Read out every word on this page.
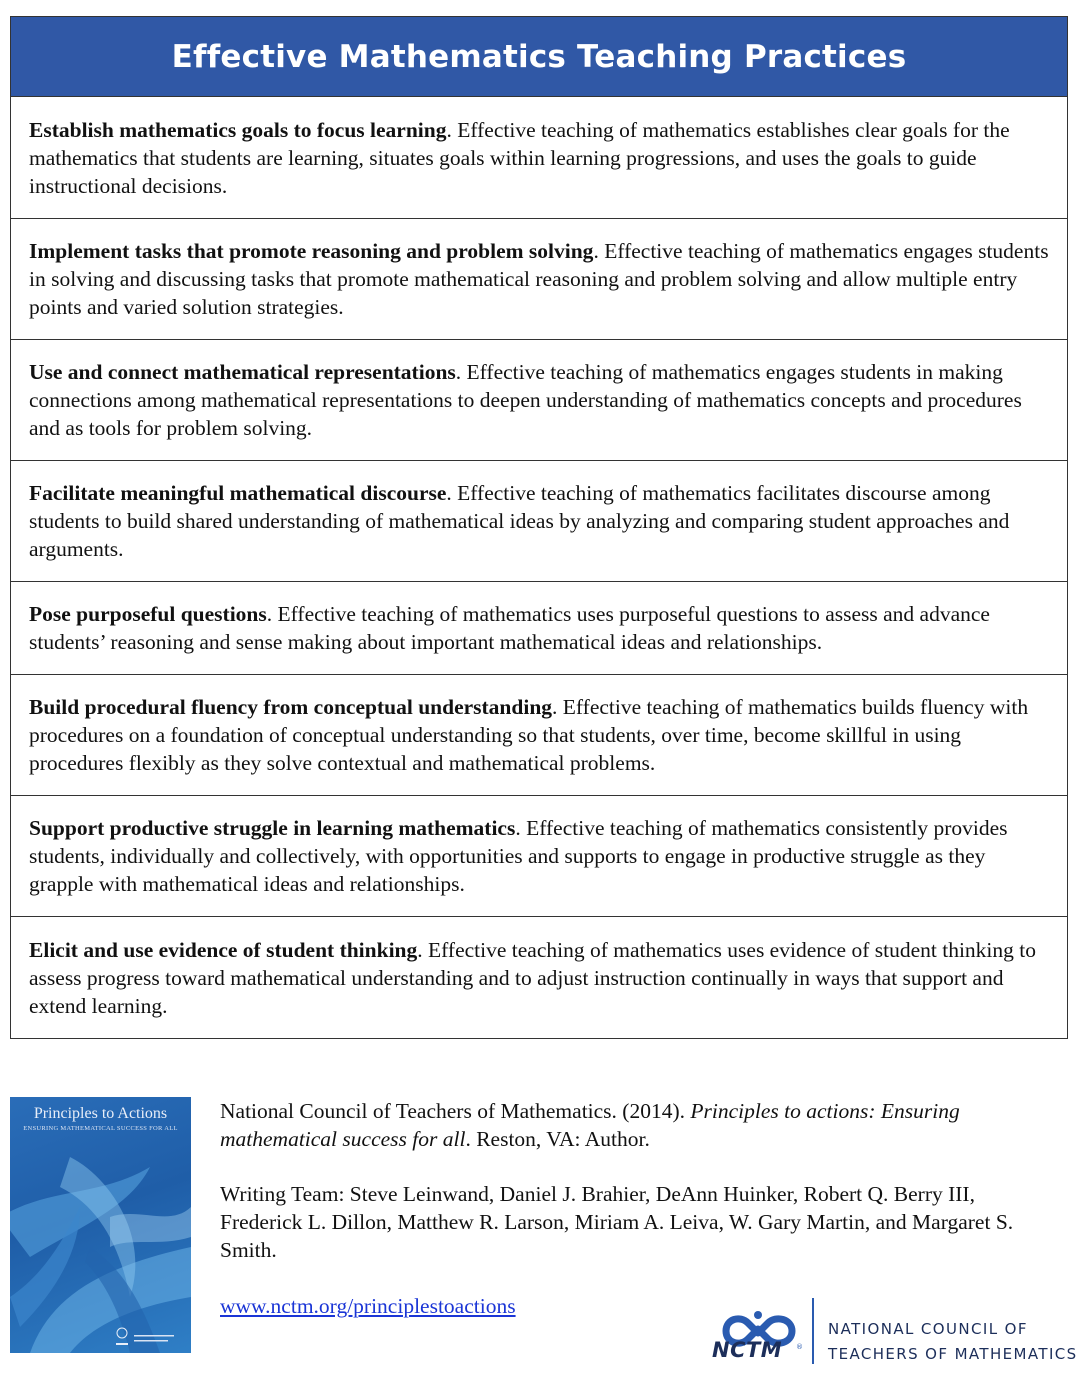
Effective Mathematics Teaching Practices

Establish mathematics goals to focus learning. Effective teaching of mathematics establishes clear goals for the mathematics that students are learning, situates goals within learning progressions, and uses the goals to guide instructional decisions.

Implement tasks that promote reasoning and problem solving. Effective teaching of mathematics engages students in solving and discussing tasks that promote mathematical reasoning and problem solving and allow multiple entry points and varied solution strategies.

Use and connect mathematical representations. Effective teaching of mathematics engages students in making connections among mathematical representations to deepen understanding of mathematics concepts and procedures and as tools for problem solving.

Facilitate meaningful mathematical discourse. Effective teaching of mathematics facilitates discourse among students to build shared understanding of mathematical ideas by analyzing and comparing student approaches and arguments.

Pose purposeful questions. Effective teaching of mathematics uses purposeful questions to assess and advance students’ reasoning and sense making about important mathematical ideas and relationships.

Build procedural fluency from conceptual understanding. Effective teaching of mathematics builds fluency with procedures on a foundation of conceptual understanding so that students, over time, become skillful in using procedures flexibly as they solve contextual and mathematical problems.

Support productive struggle in learning mathematics. Effective teaching of mathematics consistently provides students, individually and collectively, with opportunities and supports to engage in productive struggle as they grapple with mathematical ideas and relationships.

Elicit and use evidence of student thinking. Effective teaching of mathematics uses evidence of student thinking to assess progress toward mathematical understanding and to adjust instruction continually in ways that support and extend learning.

Principles to Actions
ENSURING MATHEMATICAL SUCCESS FOR ALL

National Council of Teachers of Mathematics. (2014). Principles to actions: Ensuring mathematical success for all. Reston, VA: Author.

Writing Team: Steve Leinwand, Daniel J. Brahier, DeAnn Huinker, Robert Q. Berry III, Frederick L. Dillon, Matthew R. Larson, Miriam A. Leiva, W. Gary Martin, and Margaret S. Smith.

www.nctm.org/principlestoactions
®
NCTM
NATIONAL COUNCIL OF
TEACHERS OF MATHEMATICS
